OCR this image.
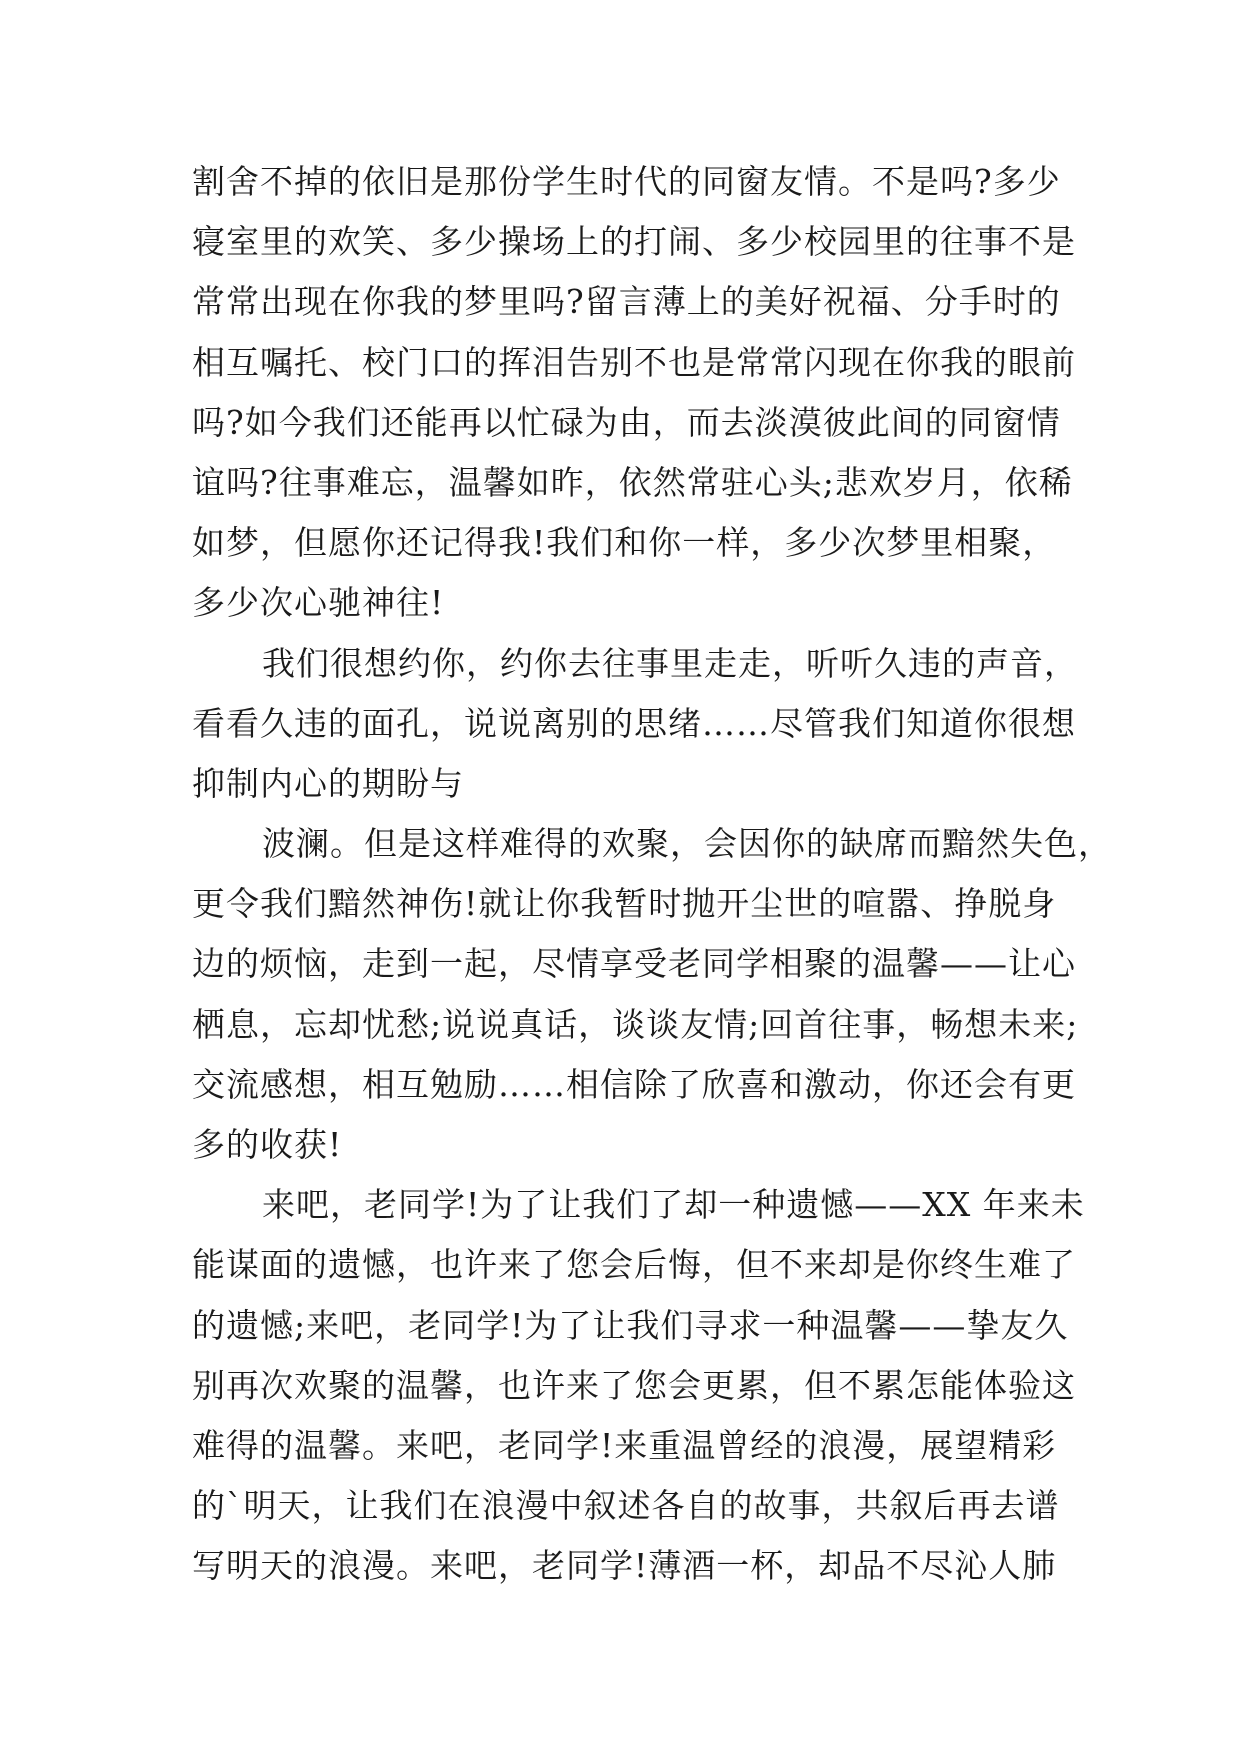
割舍不掉的依旧是那份学生时代的同窗友情。不是吗?多少
寝室里的欢笑、多少操场上的打闹、多少校园里的往事不是
常常出现在你我的梦里吗?留言薄上的美好祝福、分手时的
相互嘱托、校门口的挥泪告别不也是常常闪现在你我的眼前
吗?如今我们还能再以忙碌为由，而去淡漠彼此间的同窗情
谊吗?往事难忘，温馨如昨，依然常驻心头;悲欢岁月，依稀
如梦，但愿你还记得我!我们和你一样，多少次梦里相聚，
多少次心驰神往!
我们很想约你，约你去往事里走走，听听久违的声音，
看看久违的面孔，说说离别的思绪……尽管我们知道你很想
抑制内心的期盼与
波澜。但是这样难得的欢聚，会因你的缺席而黯然失色，
更令我们黯然神伤!就让你我暂时抛开尘世的喧嚣、挣脱身
边的烦恼，走到一起，尽情享受老同学相聚的温馨——让心
栖息，忘却忧愁;说说真话，谈谈友情;回首往事，畅想未来;
交流感想，相互勉励……相信除了欣喜和激动，你还会有更
多的收获!
来吧，老同学!为了让我们了却一种遗憾——XX 年来未
能谋面的遗憾，也许来了您会后悔，但不来却是你终生难了
的遗憾;来吧，老同学!为了让我们寻求一种温馨——挚友久
别再次欢聚的温馨，也许来了您会更累，但不累怎能体验这
难得的温馨。来吧，老同学!来重温曾经的浪漫，展望精彩
的`明天，让我们在浪漫中叙述各自的故事，共叙后再去谱
写明天的浪漫。来吧，老同学!薄酒一杯，却品不尽沁人肺
